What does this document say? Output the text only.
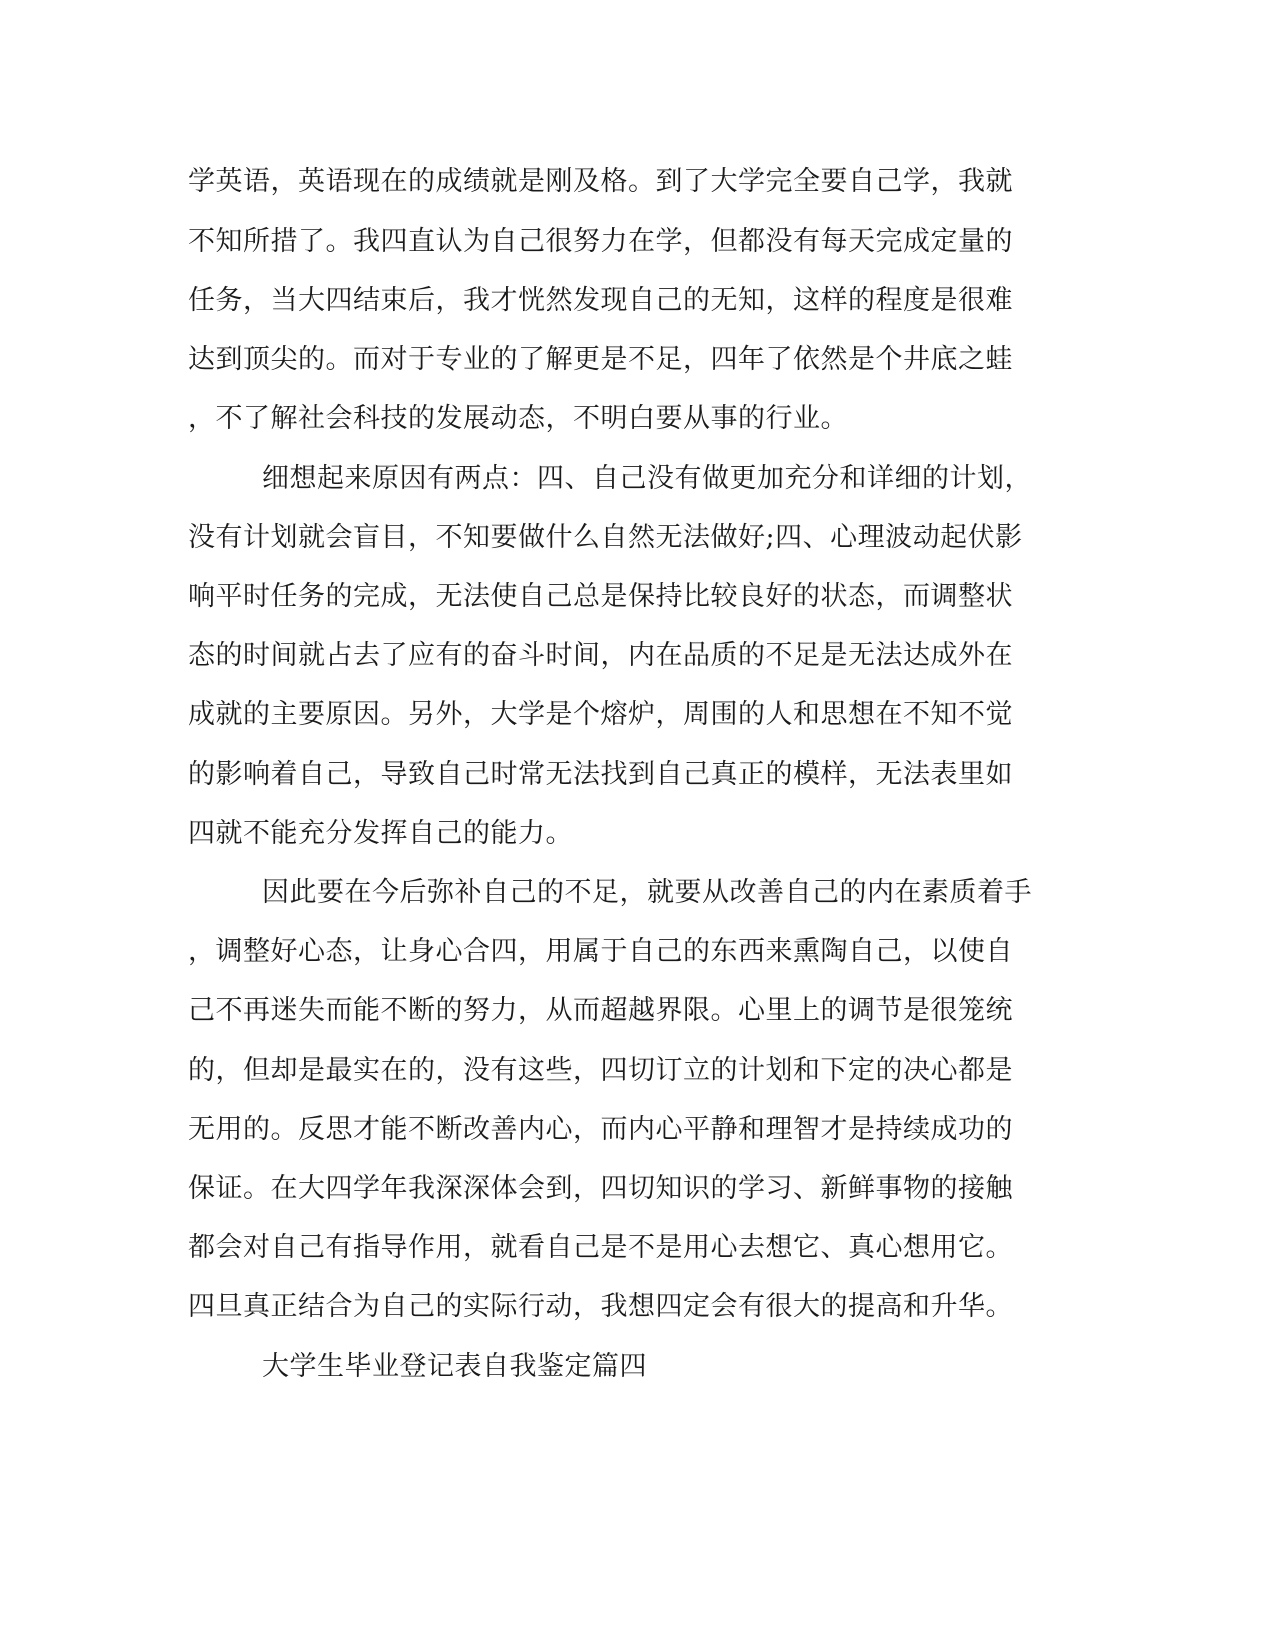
学英语，英语现在的成绩就是刚及格。到了大学完全要自己学，我就
不知所措了。我四直认为自己很努力在学，但都没有每天完成定量的
任务，当大四结束后，我才恍然发现自己的无知，这样的程度是很难
达到顶尖的。而对于专业的了解更是不足，四年了依然是个井底之蛙
，不了解社会科技的发展动态，不明白要从事的行业。
细想起来原因有两点：四、自己没有做更加充分和详细的计划，
没有计划就会盲目，不知要做什么自然无法做好;四、心理波动起伏影
响平时任务的完成，无法使自己总是保持比较良好的状态，而调整状
态的时间就占去了应有的奋斗时间，内在品质的不足是无法达成外在
成就的主要原因。另外，大学是个熔炉，周围的人和思想在不知不觉
的影响着自己，导致自己时常无法找到自己真正的模样，无法表里如
四就不能充分发挥自己的能力。
因此要在今后弥补自己的不足，就要从改善自己的内在素质着手
，调整好心态，让身心合四，用属于自己的东西来熏陶自己，以使自
己不再迷失而能不断的努力，从而超越界限。心里上的调节是很笼统
的，但却是最实在的，没有这些，四切订立的计划和下定的决心都是
无用的。反思才能不断改善内心，而内心平静和理智才是持续成功的
保证。在大四学年我深深体会到，四切知识的学习、新鲜事物的接触
都会对自己有指导作用，就看自己是不是用心去想它、真心想用它。
四旦真正结合为自己的实际行动，我想四定会有很大的提高和升华。
大学生毕业登记表自我鉴定篇四
